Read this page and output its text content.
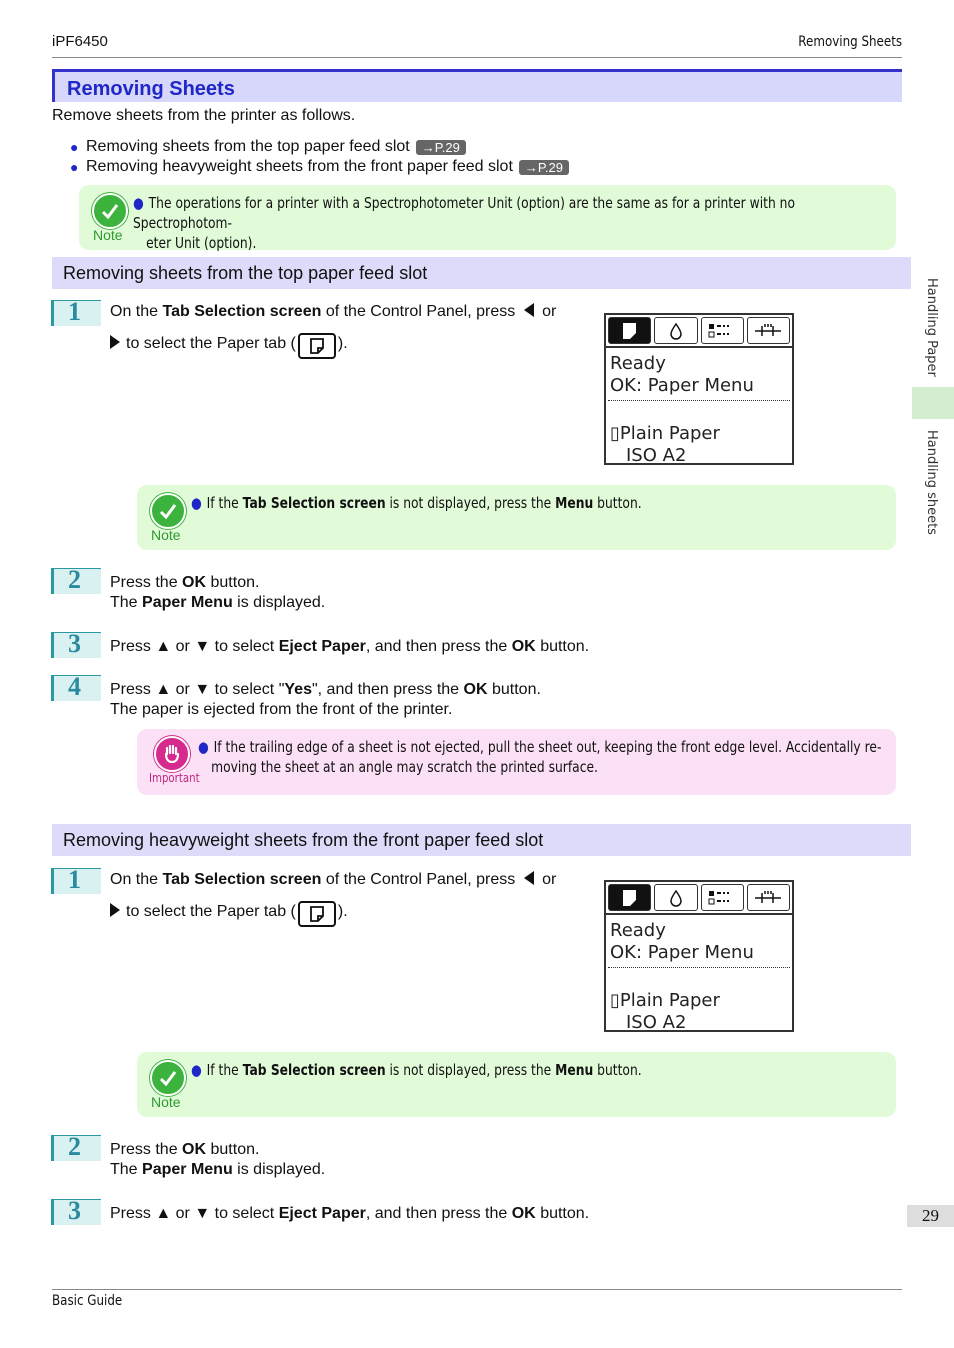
iPF6450	Removing Sheets
Removing Sheets
Remove sheets from the printer as follows.
● Removing sheets from the top paper feed slot →P.29
● Removing heavyweight sheets from the front paper feed slot →P.29
Note
● The operations for a printer with a Spectrophotometer Unit (option) are the same as for a printer with no Spectrophotom-
eter Unit (option).
Removing sheets from the top paper feed slot
1 On the Tab Selection screen of the Control Panel, press or
to select the Paper tab (	).
Ready
OK: Paper Menu
▯Plain Paper
ISO A2
Note
● If the Tab Selection screen is not displayed, press the Menu button.
2 Press the OK button.
The Paper Menu is displayed.
3 Press ▲ or ▼ to select Eject Paper, and then press the OK button.
4 Press ▲ or ▼ to select "Yes", and then press the OK button.
The paper is ejected from the front of the printer.
Important
● If the trailing edge of a sheet is not ejected, pull the sheet out, keeping the front edge level. Accidentally re-
moving the sheet at an angle may scratch the printed surface.
Removing heavyweight sheets from the front paper feed slot
1 On the Tab Selection screen of the Control Panel, press or
to select the Paper tab (	).
Ready
OK: Paper Menu
▯Plain Paper
ISO A2
Note
● If the Tab Selection screen is not displayed, press the Menu button.
2 Press the OK button.
The Paper Menu is displayed.
3 Press ▲ or ▼ to select Eject Paper, and then press the OK button.
Handling Paper
Handling sheets
29
Basic Guide
